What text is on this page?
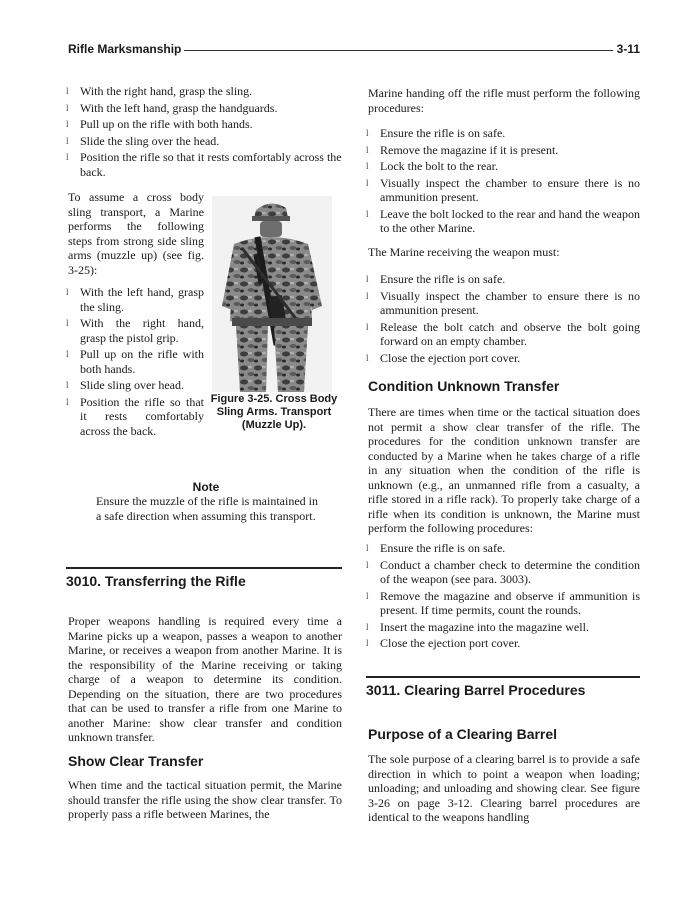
Rifle Marksmanship	3-11
l With the right hand, grasp the sling.
l With the left hand, grasp the handguards.
l Pull up on the rifle with both hands.
l Slide the sling over the head.
l Position the rifle so that it rests comfortably across the back.
To assume a cross body sling transport, a Marine performs the following steps from strong side sling arms (muzzle up) (see fig. 3-25):
l With the left hand, grasp the sling.
l With the right hand, grasp the pistol grip.
l Pull up on the rifle with both hands.
l Slide sling over head.
l Position the rifle so that it rests comfortably across the back.
Figure 3-25. Cross Body Sling Arms. Transport (Muzzle Up).
Note
Ensure the muzzle of the rifle is maintained in a safe direction when assuming this transport.
3010. Transferring the Rifle
Proper weapons handling is required every time a Marine picks up a weapon, passes a weapon to another Marine, or receives a weapon from another Marine. It is the responsibility of the Marine receiving or taking charge of a weapon to determine its condition. Depending on the situation, there are two procedures that can be used to transfer a rifle from one Marine to another Marine: show clear transfer and condition unknown transfer.
Show Clear Transfer
When time and the tactical situation permit, the Marine should transfer the rifle using the show clear transfer. To properly pass a rifle between Marines, the
Marine handing off the rifle must perform the following procedures:
l Ensure the rifle is on safe.
l Remove the magazine if it is present.
l Lock the bolt to the rear.
l Visually inspect the chamber to ensure there is no ammunition present.
l Leave the bolt locked to the rear and hand the weapon to the other Marine.
The Marine receiving the weapon must:
l Ensure the rifle is on safe.
l Visually inspect the chamber to ensure there is no ammunition present.
l Release the bolt catch and observe the bolt going forward on an empty chamber.
l Close the ejection port cover.
Condition Unknown Transfer
There are times when time or the tactical situation does not permit a show clear transfer of the rifle. The procedures for the condition unknown transfer are conducted by a Marine when he takes charge of a rifle in any situation when the condition of the rifle is unknown (e.g., an unmanned rifle from a casualty, a rifle stored in a rifle rack). To properly take charge of a rifle when its condition is unknown, the Marine must perform the following procedures:
l Ensure the rifle is on safe.
l Conduct a chamber check to determine the condition of the weapon (see para. 3003).
l Remove the magazine and observe if ammunition is present. If time permits, count the rounds.
l Insert the magazine into the magazine well.
l Close the ejection port cover.
3011. Clearing Barrel Procedures
Purpose of a Clearing Barrel
The sole purpose of a clearing barrel is to provide a safe direction in which to point a weapon when loading; unloading; and unloading and showing clear. See figure 3-26 on page 3-12. Clearing barrel procedures are identical to the weapons handling
